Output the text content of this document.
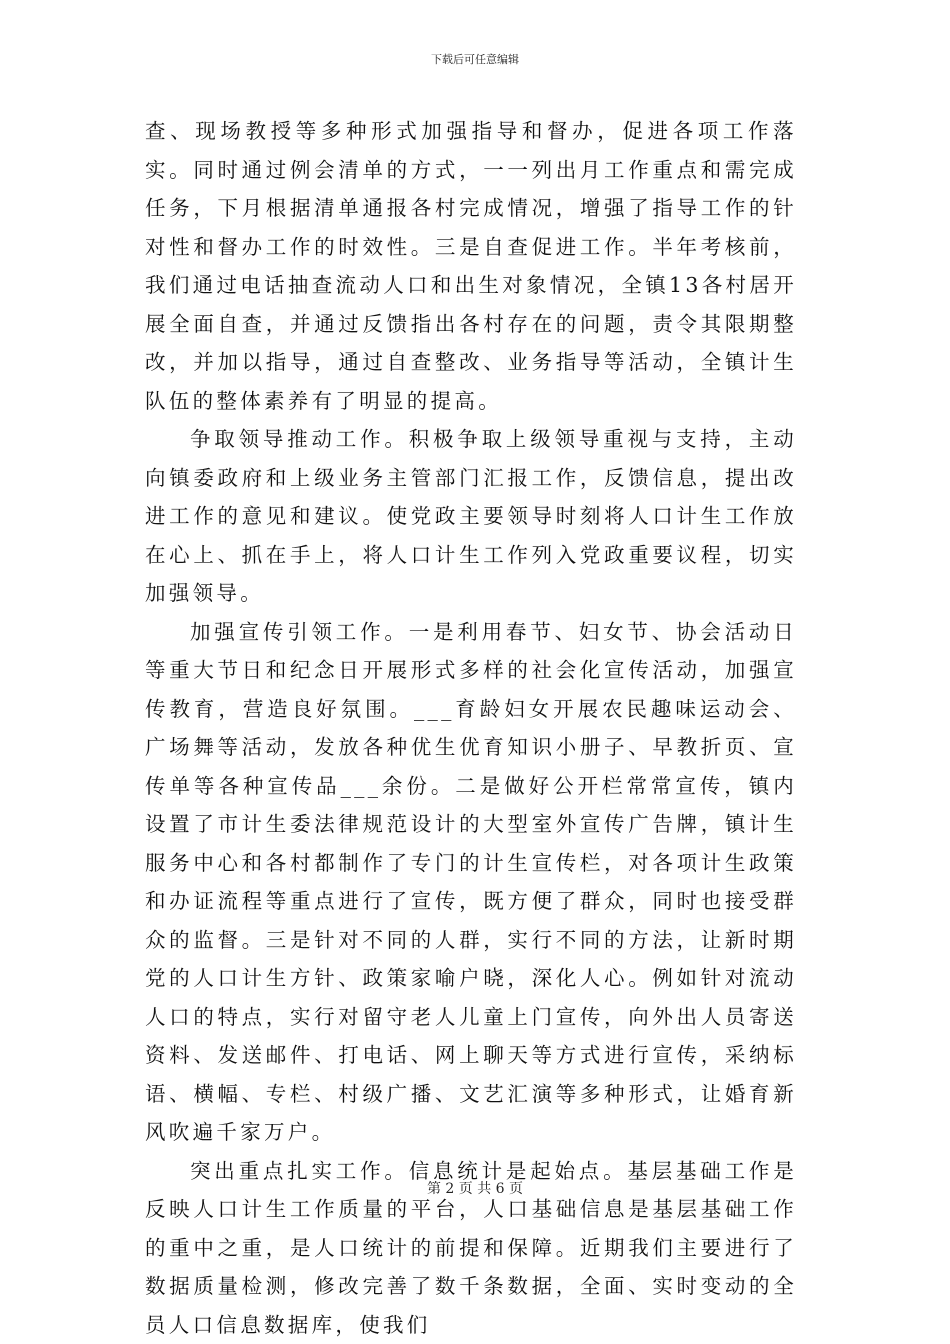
下载后可任意编辑

查、现场教授等多种形式加强指导和督办，促进各项工作落实。同时通过例会清单的方式，一一列出月工作重点和需完成任务，下月根据清单通报各村完成情况，增强了指导工作的针对性和督办工作的时效性。三是自查促进工作。半年考核前，我们通过电话抽查流动人口和出生对象情况，全镇13各村居开展全面自查，并通过反馈指出各村存在的问题，责令其限期整改，并加以指导，通过自查整改、业务指导等活动，全镇计生队伍的整体素养有了明显的提高。

争取领导推动工作。积极争取上级领导重视与支持，主动向镇委政府和上级业务主管部门汇报工作，反馈信息，提出改进工作的意见和建议。使党政主要领导时刻将人口计生工作放在心上、抓在手上，将人口计生工作列入党政重要议程，切实加强领导。

加强宣传引领工作。一是利用春节、妇女节、协会活动日等重大节日和纪念日开展形式多样的社会化宣传活动，加强宣传教育，营造良好氛围。___育龄妇女开展农民趣味运动会、广场舞等活动，发放各种优生优育知识小册子、早教折页、宣传单等各种宣传品___余份。二是做好公开栏常常宣传，镇内设置了市计生委法律规范设计的大型室外宣传广告牌，镇计生服务中心和各村都制作了专门的计生宣传栏，对各项计生政策和办证流程等重点进行了宣传，既方便了群众，同时也接受群众的监督。三是针对不同的人群，实行不同的方法，让新时期党的人口计生方针、政策家喻户晓，深化人心。例如针对流动人口的特点，实行对留守老人儿童上门宣传，向外出人员寄送资料、发送邮件、打电话、网上聊天等方式进行宣传，采纳标语、横幅、专栏、村级广播、文艺汇演等多种形式，让婚育新风吹遍千家万户。

突出重点扎实工作。信息统计是起始点。基层基础工作是反映人口计生工作质量的平台，人口基础信息是基层基础工作的重中之重，是人口统计的前提和保障。近期我们主要进行了数据质量检测，修改完善了数千条数据，全面、实时变动的全员人口信息数据库，使我们

第 2 页 共 6 页
